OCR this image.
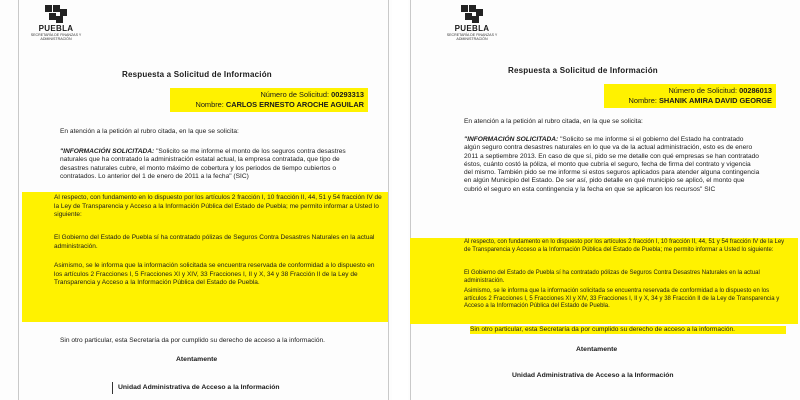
PUEBLA
SECRETARÍA DE FINANZAS Y ADMINISTRACIÓN
Respuesta a Solicitud de Información
Número de Solicitud: 00293313
Nombre: CARLOS ERNESTO AROCHE AGUILAR
En atención a la petición al rubro citada, en la que se solicita:
"INFORMACIÓN SOLICITADA: "Solicito se me informe el monto de los seguros contra desastres naturales que ha contratado la administración estatal actual, la empresa contratada, que tipo de desastres naturales cubre, el monto máximo de cobertura y los periodos de tiempo cubiertos o contratados. Lo anterior del 1 de enero de 2011 a la fecha" (SIC)

Al respecto, con fundamento en lo dispuesto por los artículos 2 fracción I, 10 fracción II, 44, 51 y 54 fracción IV de la Ley de Transparencia y Acceso a la Información Pública del Estado de Puebla; me permito informar a Usted lo siguiente:

El Gobierno del Estado de Puebla sí ha contratado pólizas de Seguros Contra Desastres Naturales en la actual administración.

Asimismo, se le informa que la información solicitada se encuentra reservada de conformidad a lo dispuesto en los artículos 2 Fracciones I, 5 Fracciones XI y XIV, 33 Fracciones I, II y X, 34 y 38 Fracción II de la Ley de Transparencia y Acceso a la Información Pública del Estado de Puebla.

Sin otro particular, esta Secretaría da por cumplido su derecho de acceso a la información.
Atentamente
Unidad Administrativa de Acceso a la Información
PUEBLA
SECRETARÍA DE FINANZAS Y ADMINISTRACIÓN
Respuesta a Solicitud de Información
Número de Solicitud: 00286013
Nombre: SHANIK AMIRA DAVID GEORGE
En atención a la petición al rubro citada, en la que se solicita:
"INFORMACIÓN SOLICITADA: "Solicito se me informe si el gobierno del Estado ha contratado algún seguro contra desastres naturales en lo que va de la actual administración, esto es de enero 2011 a septiembre 2013. En caso de que sí, pido se me detalle con qué empresas se han contratado éstos, cuánto costó la póliza, el monto que cubría el seguro, fecha de firma del contrato y vigencia del mismo. También pido se me informe si estos seguros aplicados para atender alguna contingencia en algún Municipio del Estado. De ser así, pido detalle en qué municipio se aplicó, el monto que cubrió el seguro en esta contingencia y la fecha en que se aplicaron los recursos" SIC

Al respecto, con fundamento en lo dispuesto por los artículos 2 fracción I, 10 fracción II, 44, 51 y 54 fracción IV de la Ley de Transparencia y Acceso a la Información Pública del Estado de Puebla; me permito informar a Usted lo siguiente:

El Gobierno del Estado de Puebla sí ha contratado pólizas de Seguros Contra Desastres Naturales en la actual administración.

Asimismo, se le informa que la información solicitada se encuentra reservada de conformidad a lo dispuesto en los artículos 2 Fracciones I, 5 Fracciones XI y XIV, 33 Fracciones I, II y X, 34 y 38 Fracción II de la Ley de Transparencia y Acceso a la Información Pública del Estado de Puebla.

Sin otro particular, esta Secretaría da por cumplido su derecho de acceso a la información.
Atentamente
Unidad Administrativa de Acceso a la Información
